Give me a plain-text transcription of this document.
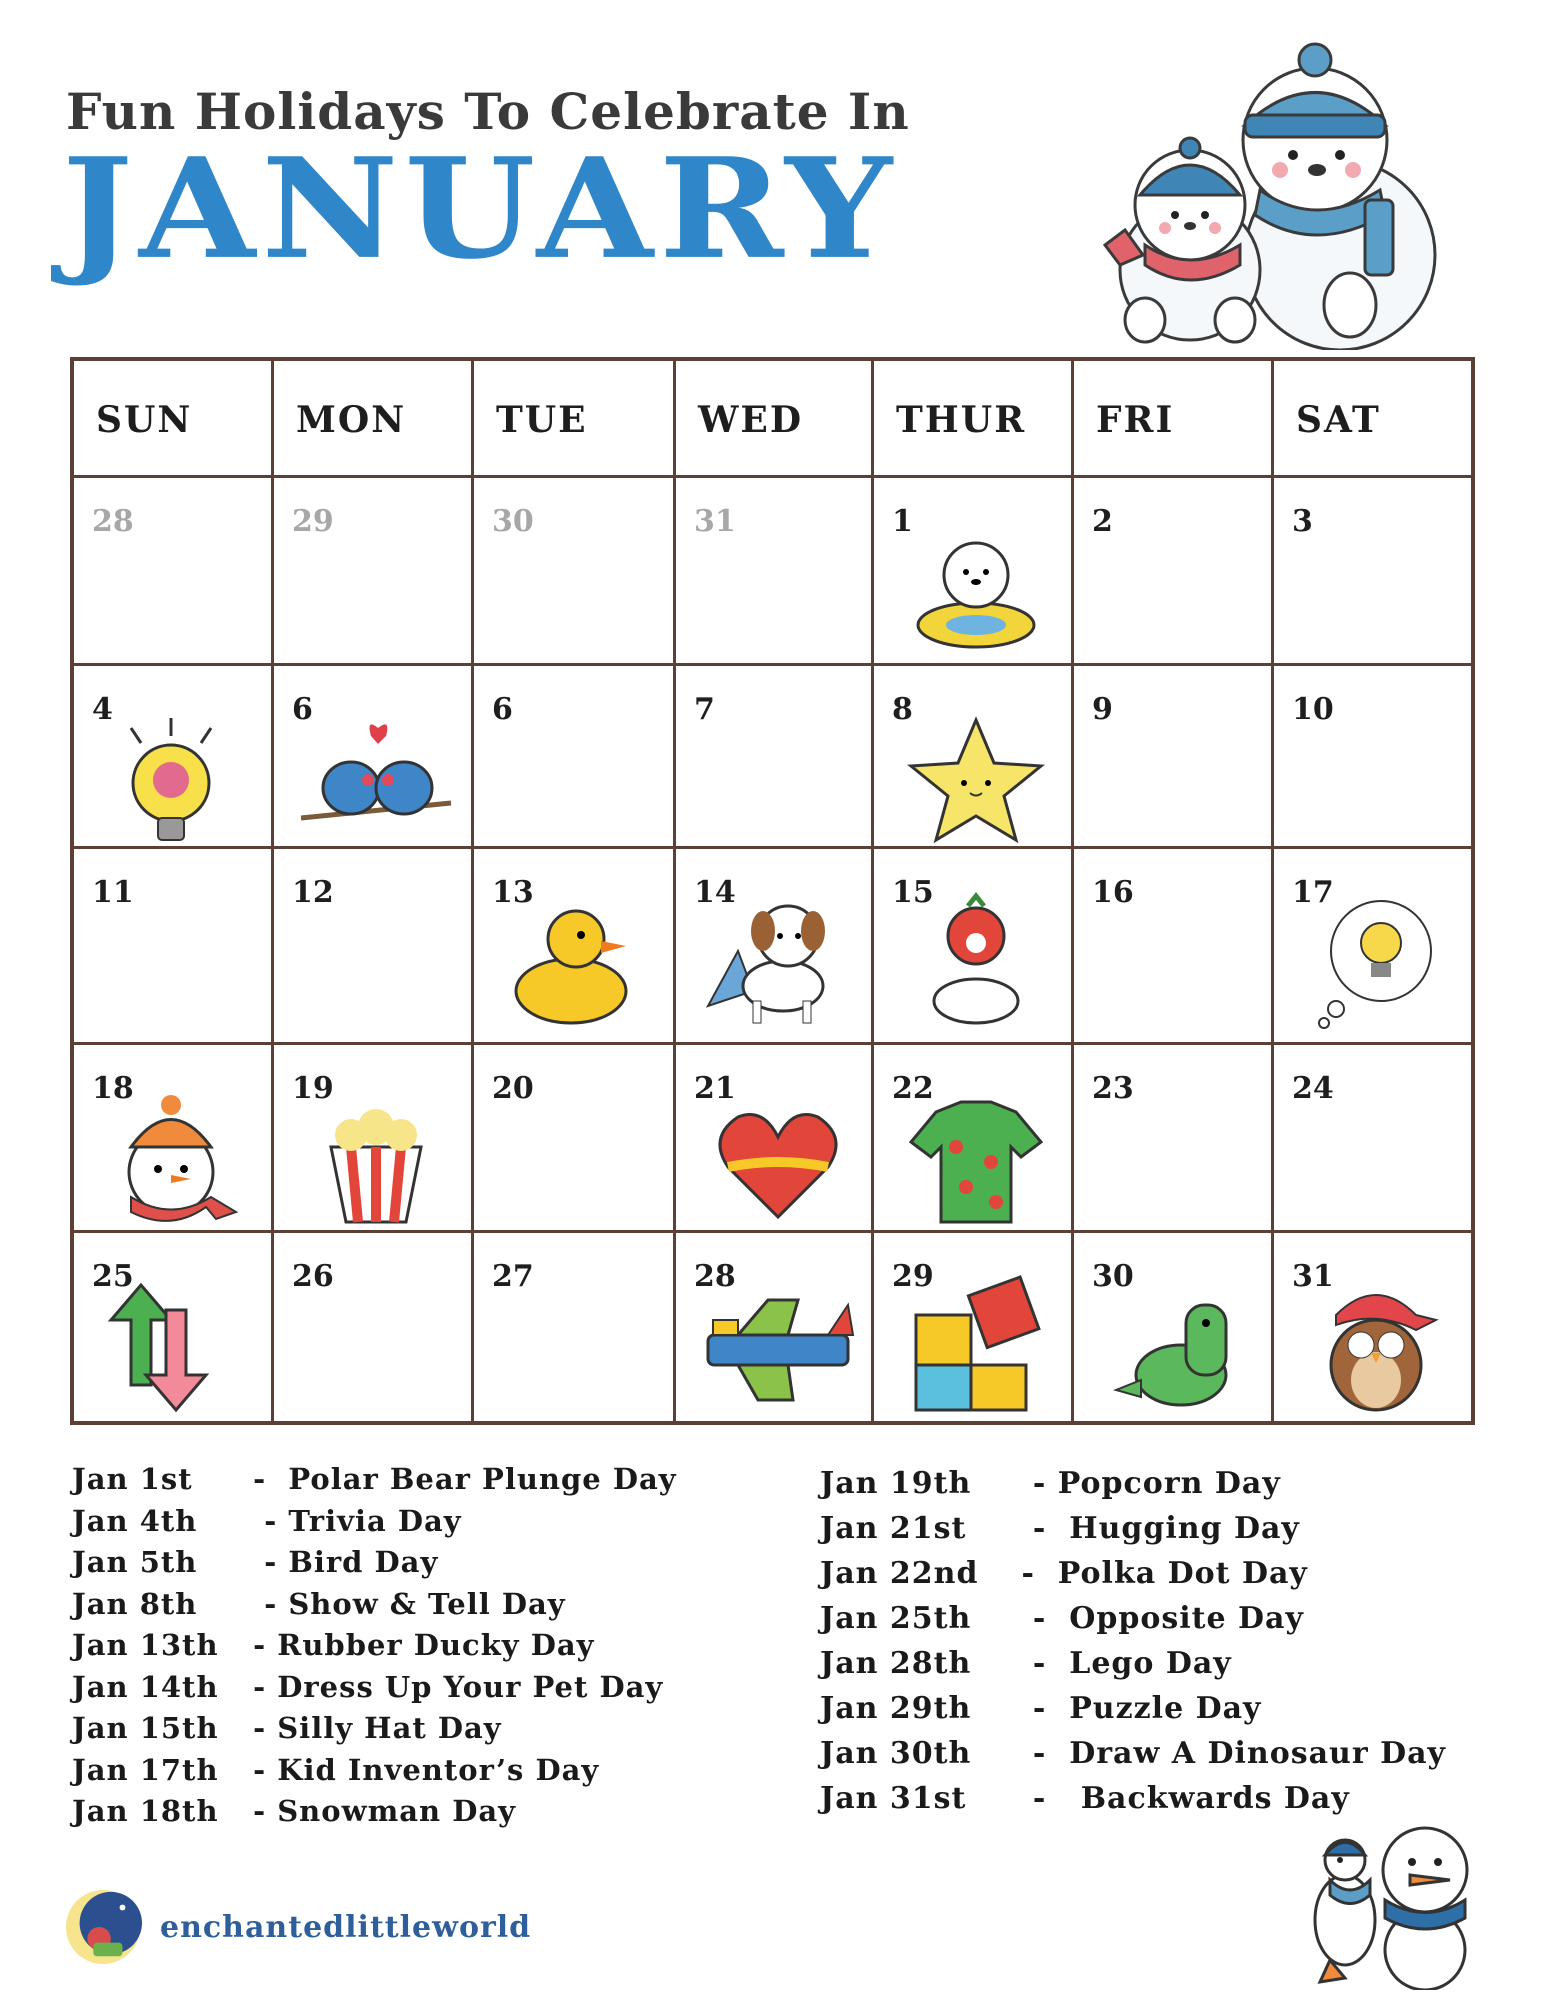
Fun Holidays To Celebrate In
JANUARY
SUN	MON	TUE	WED	THUR	FRI	SAT
28	29	30	31	1	2	3
4	6	6	7	8	9	10
11	12	13	14	15	16	17
18	19	20	21	22	23	24
25	26	27	28	29	30	31
Jan 1st -  Polar Bear Plunge Day
Jan 4th  - Trivia Day
Jan 5th  - Bird Day
Jan 8th  - Show & Tell Day
Jan 13th - Rubber Ducky Day
Jan 14th - Dress Up Your Pet Day
Jan 15th - Silly Hat Day
Jan 17th - Kid Inventor’s Day
Jan 18th - Snowman Day
Jan 19th  - Popcorn Day
Jan 21st  -  Hugging Day
Jan 22nd -  Polka Dot Day
Jan 25th  -  Opposite Day
Jan 28th  -  Lego Day
Jan 29th  -  Puzzle Day
Jan 30th  -  Draw A Dinosaur Day
Jan 31st  -   Backwards Day
enchantedlittleworld
